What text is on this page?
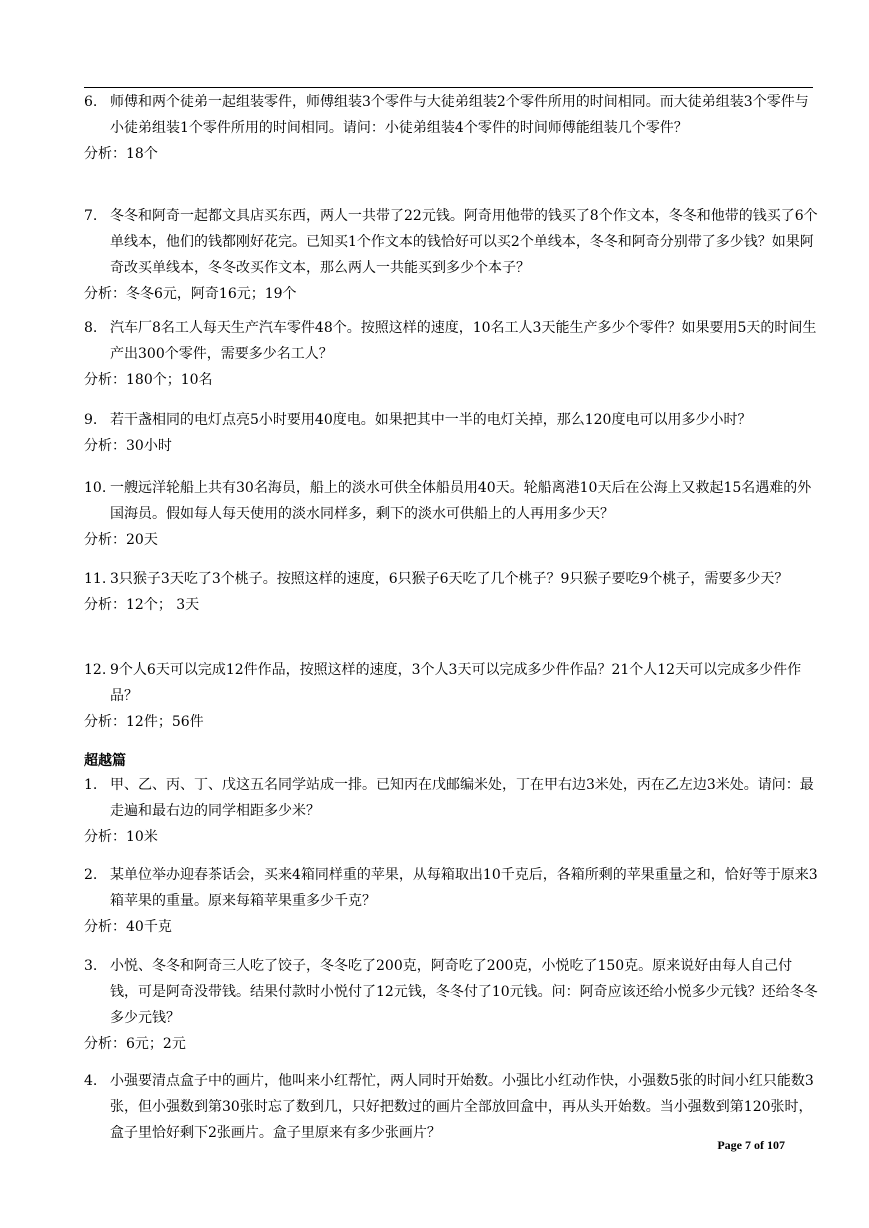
6. 师傅和两个徒弟一起组装零件，师傅组装3个零件与大徒弟组装2个零件所用的时间相同。而大徒弟组装3个零件与小徒弟组装1个零件所用的时间相同。请问：小徒弟组装4个零件的时间师傅能组装几个零件？
分析：18个
7. 冬冬和阿奇一起都文具店买东西，两人一共带了22元钱。阿奇用他带的钱买了8个作文本，冬冬和他带的钱买了6个单线本，他们的钱都刚好花完。已知买1个作文本的钱恰好可以买2个单线本，冬冬和阿奇分别带了多少钱？如果阿奇改买单线本，冬冬改买作文本，那么两人一共能买到多少个本子？
分析：冬冬6元，阿奇16元；19个
8. 汽车厂8名工人每天生产汽车零件48个。按照这样的速度，10名工人3天能生产多少个零件？如果要用5天的时间生产出300个零件，需要多少名工人？
分析：180个；10名
9. 若干盏相同的电灯点亮5小时要用40度电。如果把其中一半的电灯关掉，那么120度电可以用多少小时？
分析：30小时
10. 一艘远洋轮船上共有30名海员，船上的淡水可供全体船员用40天。轮船离港10天后在公海上又救起15名遇难的外国海员。假如每人每天使用的淡水同样多，剩下的淡水可供船上的人再用多少天？
分析：20天
11. 3只猴子3天吃了3个桃子。按照这样的速度，6只猴子6天吃了几个桃子？9只猴子要吃9个桃子，需要多少天？
分析：12个； 3天
12. 9个人6天可以完成12件作品，按照这样的速度，3个人3天可以完成多少件作品？21个人12天可以完成多少件作品？
分析：12件；56件
超越篇
1. 甲、乙、丙、丁、戊这五名同学站成一排。已知丙在戊邮编米处，丁在甲右边3米处，丙在乙左边3米处。请问：最走遍和最右边的同学相距多少米？
分析：10米
2. 某单位举办迎春茶话会，买来4箱同样重的苹果，从每箱取出10千克后，各箱所剩的苹果重量之和，恰好等于原来3箱苹果的重量。原来每箱苹果重多少千克？
分析：40千克
3. 小悦、冬冬和阿奇三人吃了饺子，冬冬吃了200克，阿奇吃了200克，小悦吃了150克。原来说好由每人自己付钱，可是阿奇没带钱。结果付款时小悦付了12元钱，冬冬付了10元钱。问：阿奇应该还给小悦多少元钱？还给冬冬多少元钱？
分析：6元；2元
4. 小强要清点盒子中的画片，他叫来小红帮忙，两人同时开始数。小强比小红动作快，小强数5张的时间小红只能数3张，但小强数到第30张时忘了数到几，只好把数过的画片全部放回盒中，再从头开始数。当小强数到第120张时，盒子里恰好剩下2张画片。盒子里原来有多少张画片？
Page 7 of 107
